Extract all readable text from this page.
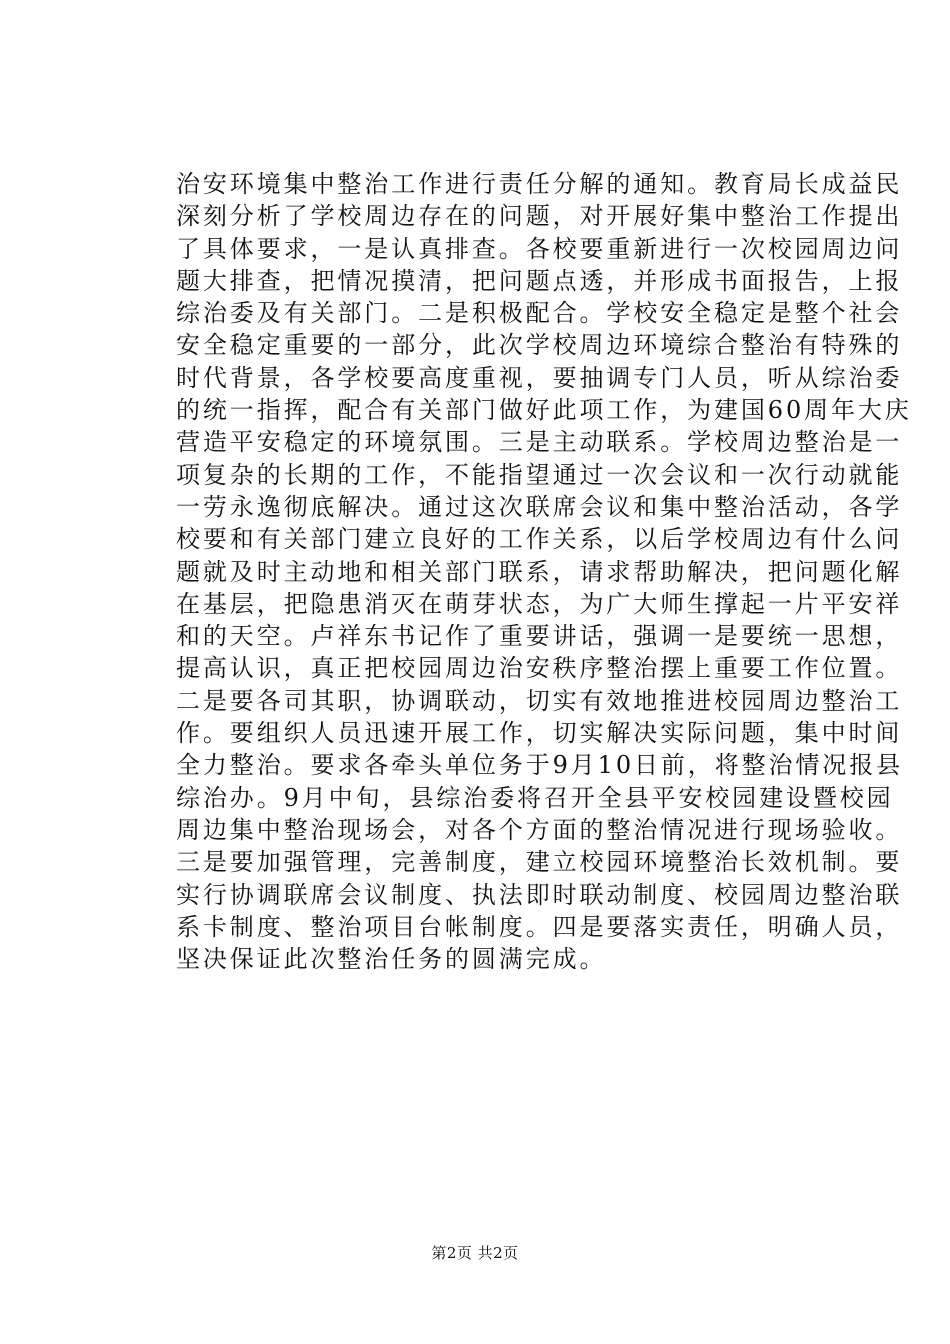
治安环境集中整治工作进行责任分解的通知。教育局长成益民
深刻分析了学校周边存在的问题，对开展好集中整治工作提出
了具体要求，一是认真排查。各校要重新进行一次校园周边问
题大排查，把情况摸清，把问题点透，并形成书面报告，上报
综治委及有关部门。二是积极配合。学校安全稳定是整个社会
安全稳定重要的一部分，此次学校周边环境综合整治有特殊的
时代背景，各学校要高度重视，要抽调专门人员，听从综治委
的统一指挥，配合有关部门做好此项工作，为建国60周年大庆
营造平安稳定的环境氛围。三是主动联系。学校周边整治是一
项复杂的长期的工作，不能指望通过一次会议和一次行动就能
一劳永逸彻底解决。通过这次联席会议和集中整治活动，各学
校要和有关部门建立良好的工作关系，以后学校周边有什么问
题就及时主动地和相关部门联系，请求帮助解决，把问题化解
在基层，把隐患消灭在萌芽状态，为广大师生撑起一片平安祥
和的天空。卢祥东书记作了重要讲话，强调一是要统一思想，
提高认识，真正把校园周边治安秩序整治摆上重要工作位置。
二是要各司其职，协调联动，切实有效地推进校园周边整治工
作。要组织人员迅速开展工作，切实解决实际问题，集中时间
全力整治。要求各牵头单位务于9月10日前，将整治情况报县
综治办。9月中旬，县综治委将召开全县平安校园建设暨校园
周边集中整治现场会，对各个方面的整治情况进行现场验收。
三是要加强管理，完善制度，建立校园环境整治长效机制。要
实行协调联席会议制度、执法即时联动制度、校园周边整治联
系卡制度、整治项目台帐制度。四是要落实责任，明确人员，
坚决保证此次整治任务的圆满完成。
第2页 共2页
